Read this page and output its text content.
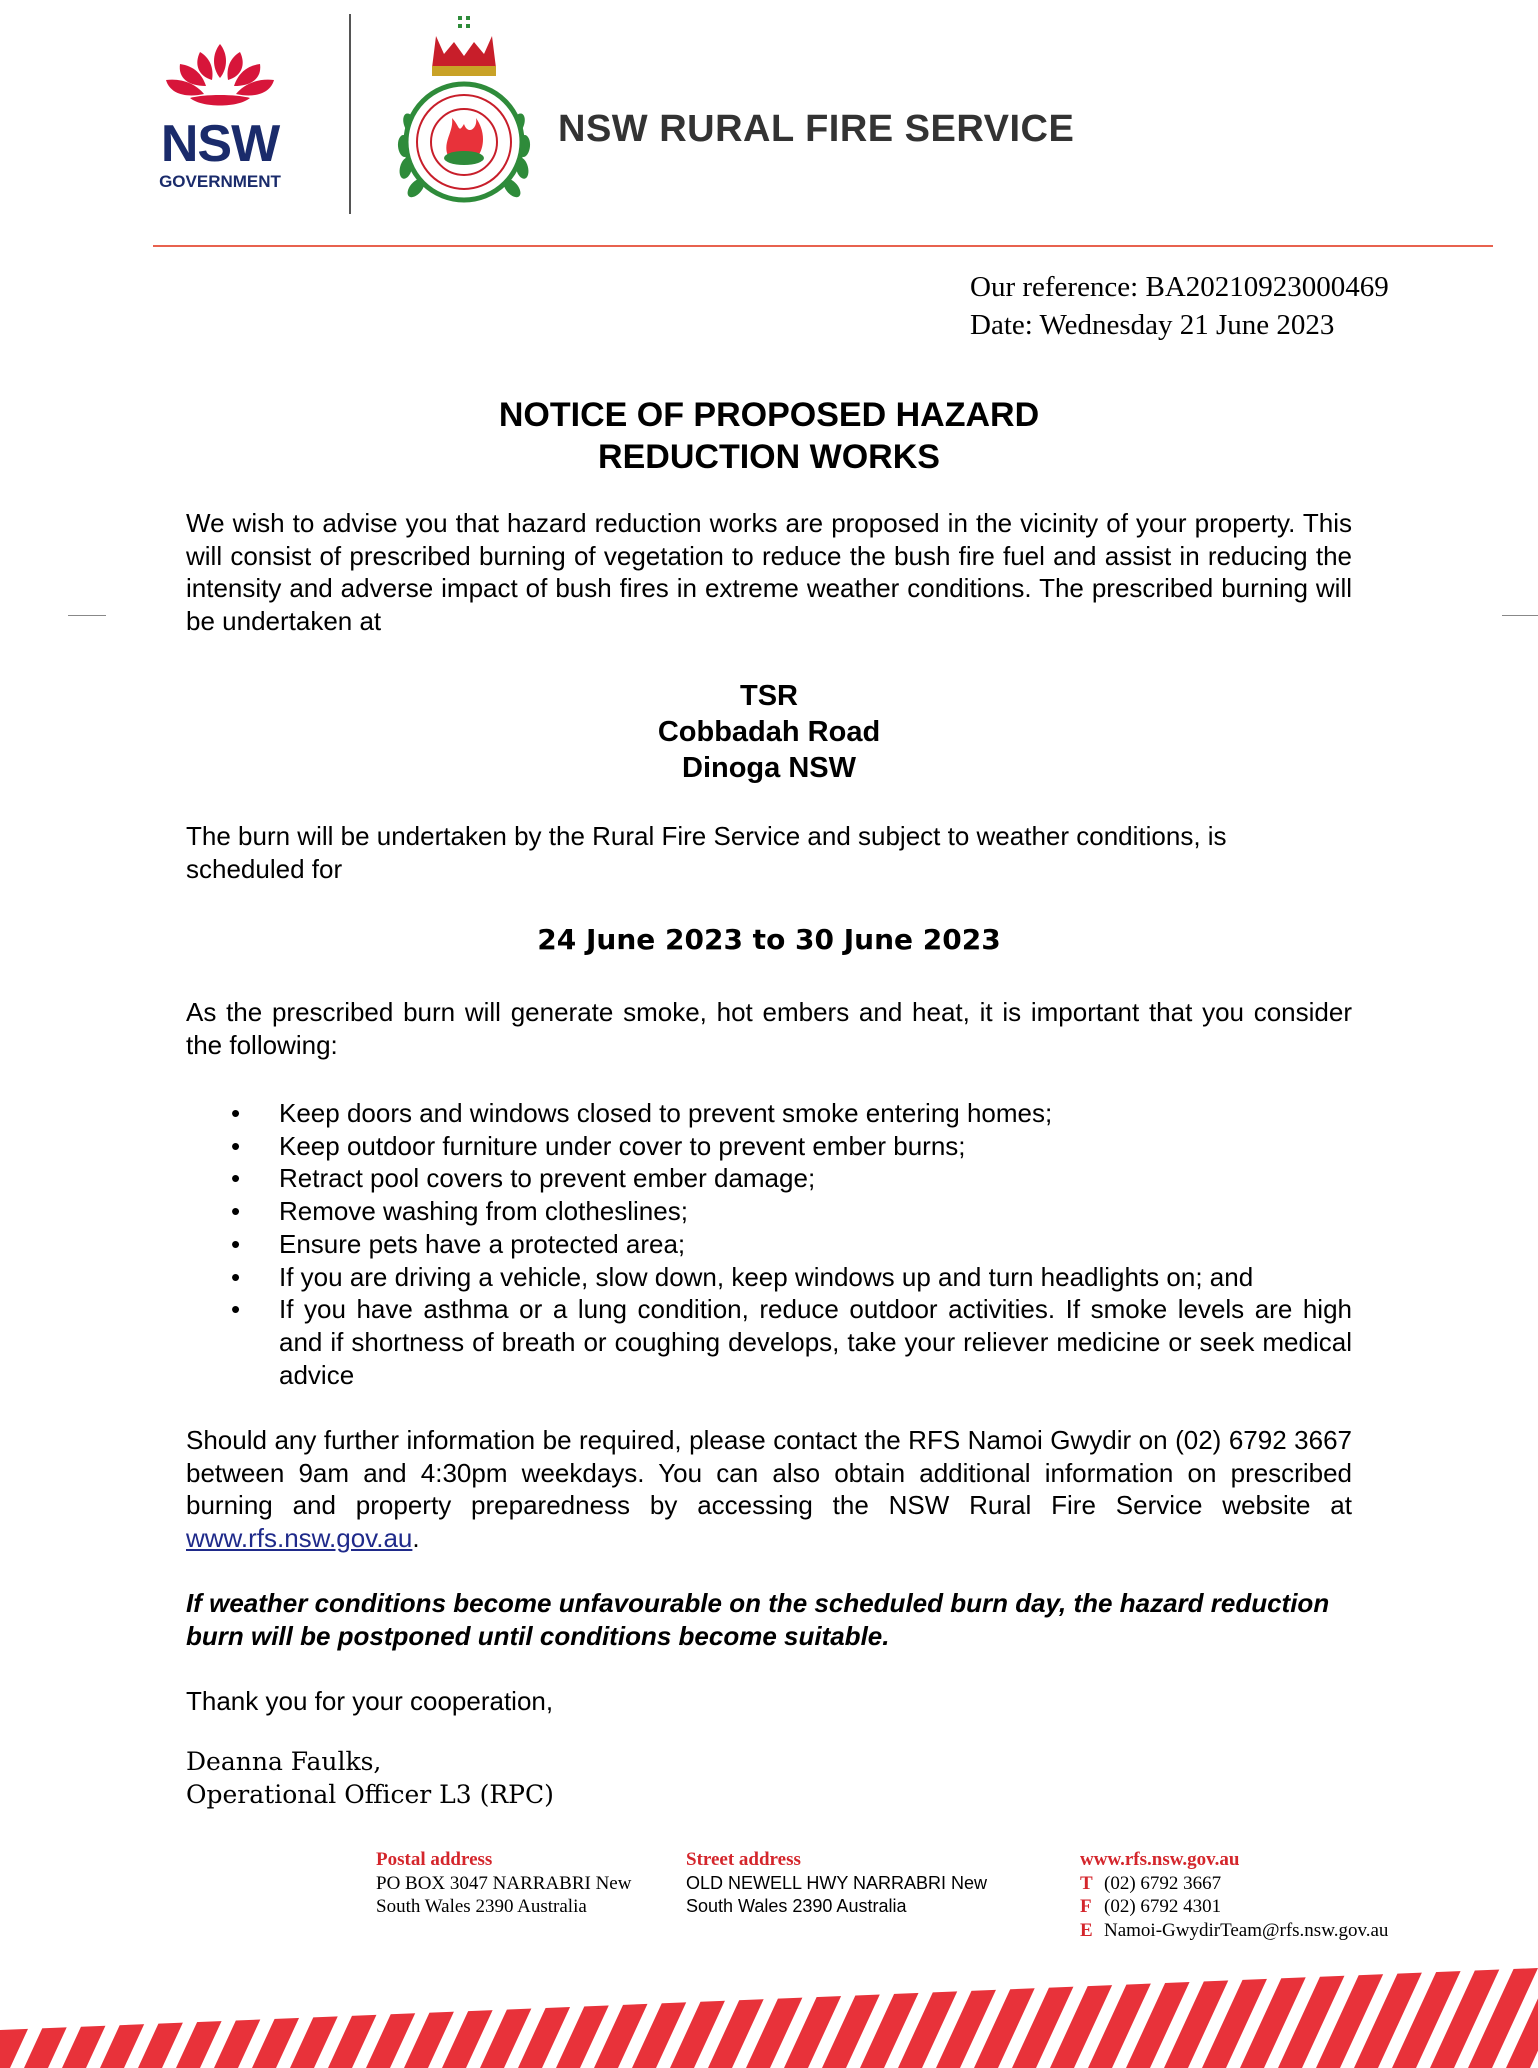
NSW
GOVERNMENT
NSW RURAL FIRE SERVICE
Our reference: BA20210923000469
Date: Wednesday 21 June 2023
NOTICE OF PROPOSED HAZARD
REDUCTION WORKS
We wish to advise you that hazard reduction works are proposed in the vicinity of your property. This will consist of prescribed burning of vegetation to reduce the bush fire fuel and assist in reducing the intensity and adverse impact of bush fires in extreme weather conditions. The prescribed burning will be undertaken at
TSR
Cobbadah Road
Dinoga NSW
The burn will be undertaken by the Rural Fire Service and subject to weather conditions, is scheduled for
24 June 2023 to 30 June 2023
As the prescribed burn will generate smoke, hot embers and heat, it is important that you consider the following:
• Keep doors and windows closed to prevent smoke entering homes;
• Keep outdoor furniture under cover to prevent ember burns;
• Retract pool covers to prevent ember damage;
• Remove washing from clotheslines;
• Ensure pets have a protected area;
• If you are driving a vehicle, slow down, keep windows up and turn headlights on; and
• If you have asthma or a lung condition, reduce outdoor activities. If smoke levels are high and if shortness of breath or coughing develops, take your reliever medicine or seek medical advice
Should any further information be required, please contact the RFS Namoi Gwydir on (02) 6792 3667 between 9am and 4:30pm weekdays. You can also obtain additional information on prescribed burning and property preparedness by accessing the NSW Rural Fire Service website at www.rfs.nsw.gov.au.
If weather conditions become unfavourable on the scheduled burn day, the hazard reduction burn will be postponed until conditions become suitable.
Thank you for your cooperation,
Deanna Faulks,
Operational Officer L3 (RPC)
Postal address
PO BOX 3047 NARRABRI New
South Wales 2390 Australia
Street address
OLD NEWELL HWY NARRABRI New
South Wales 2390 Australia
www.rfs.nsw.gov.au
T (02) 6792 3667
F (02) 6792 4301
E Namoi-GwydirTeam@rfs.nsw.gov.au
